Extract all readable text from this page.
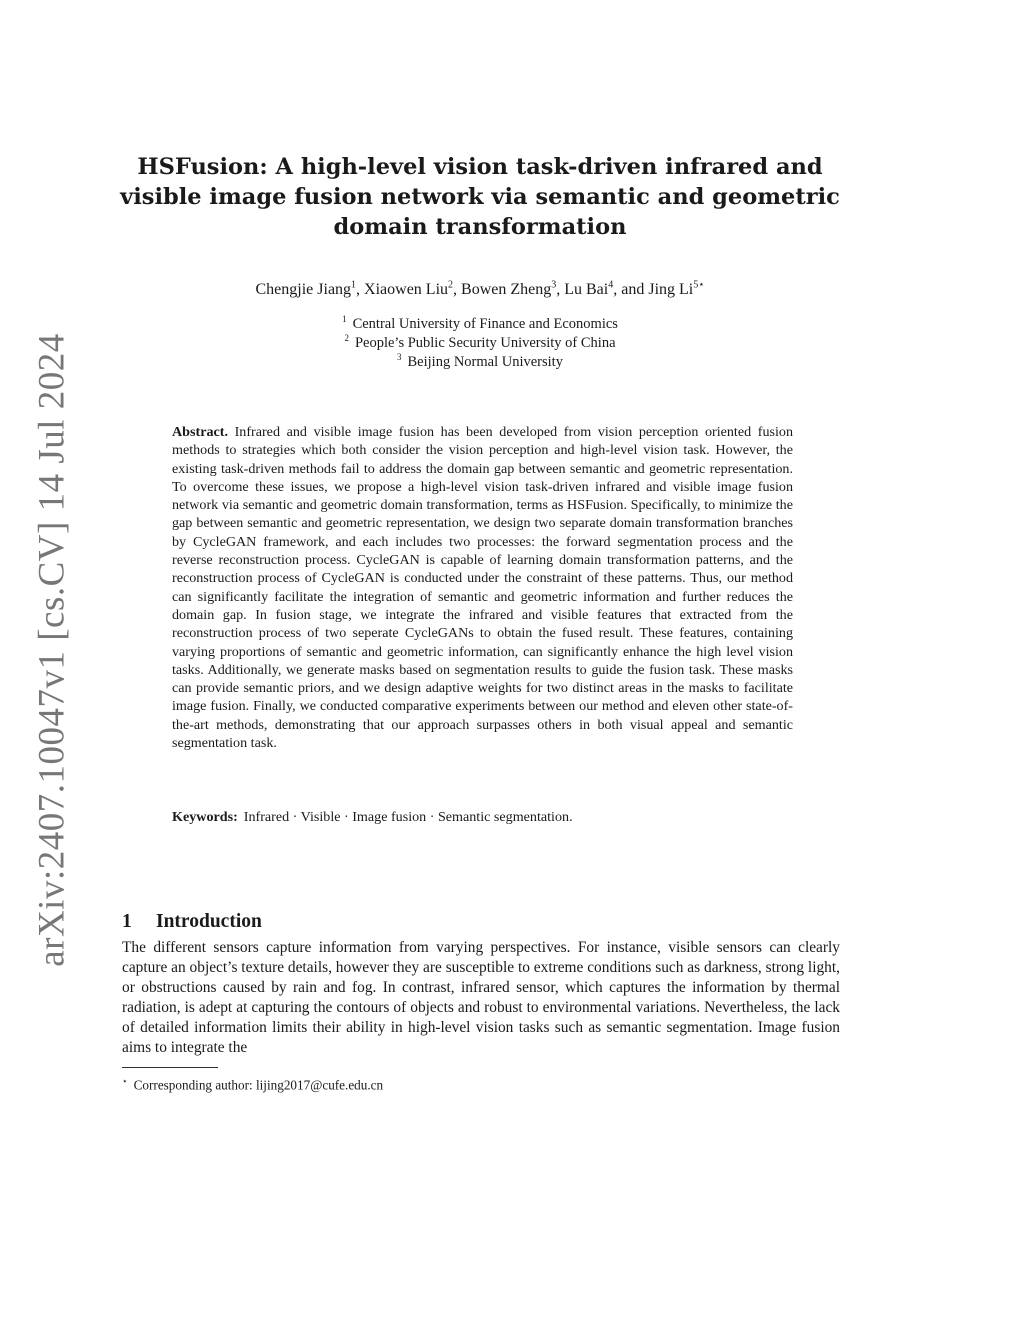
arXiv:2407.10047v1 [cs.CV] 14 Jul 2024
HSFusion: A high-level vision task-driven infrared and
visible image fusion network via semantic and geometric
domain transformation
Chengjie Jiang$^1$, Xiaowen Liu$^2$, Bowen Zheng$^3$, Lu Bai$^4$, and Jing $Li^{5⋆}$
$^1$ Central University of Finance and Economics
$^2$ People’s Public Security University of China
$^3$ Beijing Normal University

Abstract. Infrared and visible image fusion has been developed from vision perception oriented fusion methods to strategies which both consider the vision perception and high-level vision task. However, the existing task-driven methods fail to address the domain gap between semantic and geometric representation. To overcome these issues, we propose a high-level vision task-driven infrared and visible image fusion network via semantic and geometric domain transformation, terms as HSFusion. Specifically, to minimize the gap between semantic and geometric representation, we design two separate domain transformation branches by CycleGAN framework, and each includes two processes: the forward segmentation process and the reverse reconstruction process. CycleGAN is capable of learning domain transformation patterns, and the reconstruction process of CycleGAN is conducted under the constraint of these patterns. Thus, our method can significantly facilitate the integration of semantic and geometric information and further reduces the domain gap. In fusion stage, we integrate the infrared and visible features that extracted from the reconstruction process of two seperate CycleGANs to obtain the fused result. These features, containing varying proportions of semantic and geometric information, can significantly enhance the high level vision tasks. Additionally, we generate masks based on segmentation results to guide the fusion task. These masks can provide semantic priors, and we design adaptive weights for two distinct areas in the masks to facilitate image fusion. Finally, we conducted comparative experiments between our method and eleven other state-of-the-art methods, demonstrating that our approach surpasses others in both visual appeal and semantic segmentation task.

Keywords: Infrared · Visible · Image fusion · Semantic segmentation.
1 Introduction

The different sensors capture information from varying perspectives. For instance, visible sensors can clearly capture an object’s texture details, however they are susceptible to extreme conditions such as darkness, strong light, or obstructions caused by rain and fog. In contrast, infrared sensor, which captures the information by thermal radiation, is adept at capturing the contours of objects and robust to environmental variations. Nevertheless, the lack of detailed information limits their ability in high-level vision tasks such as semantic segmentation. Image fusion aims to integrate the

⋆ Corresponding author: lijing2017@cufe.edu.cn
